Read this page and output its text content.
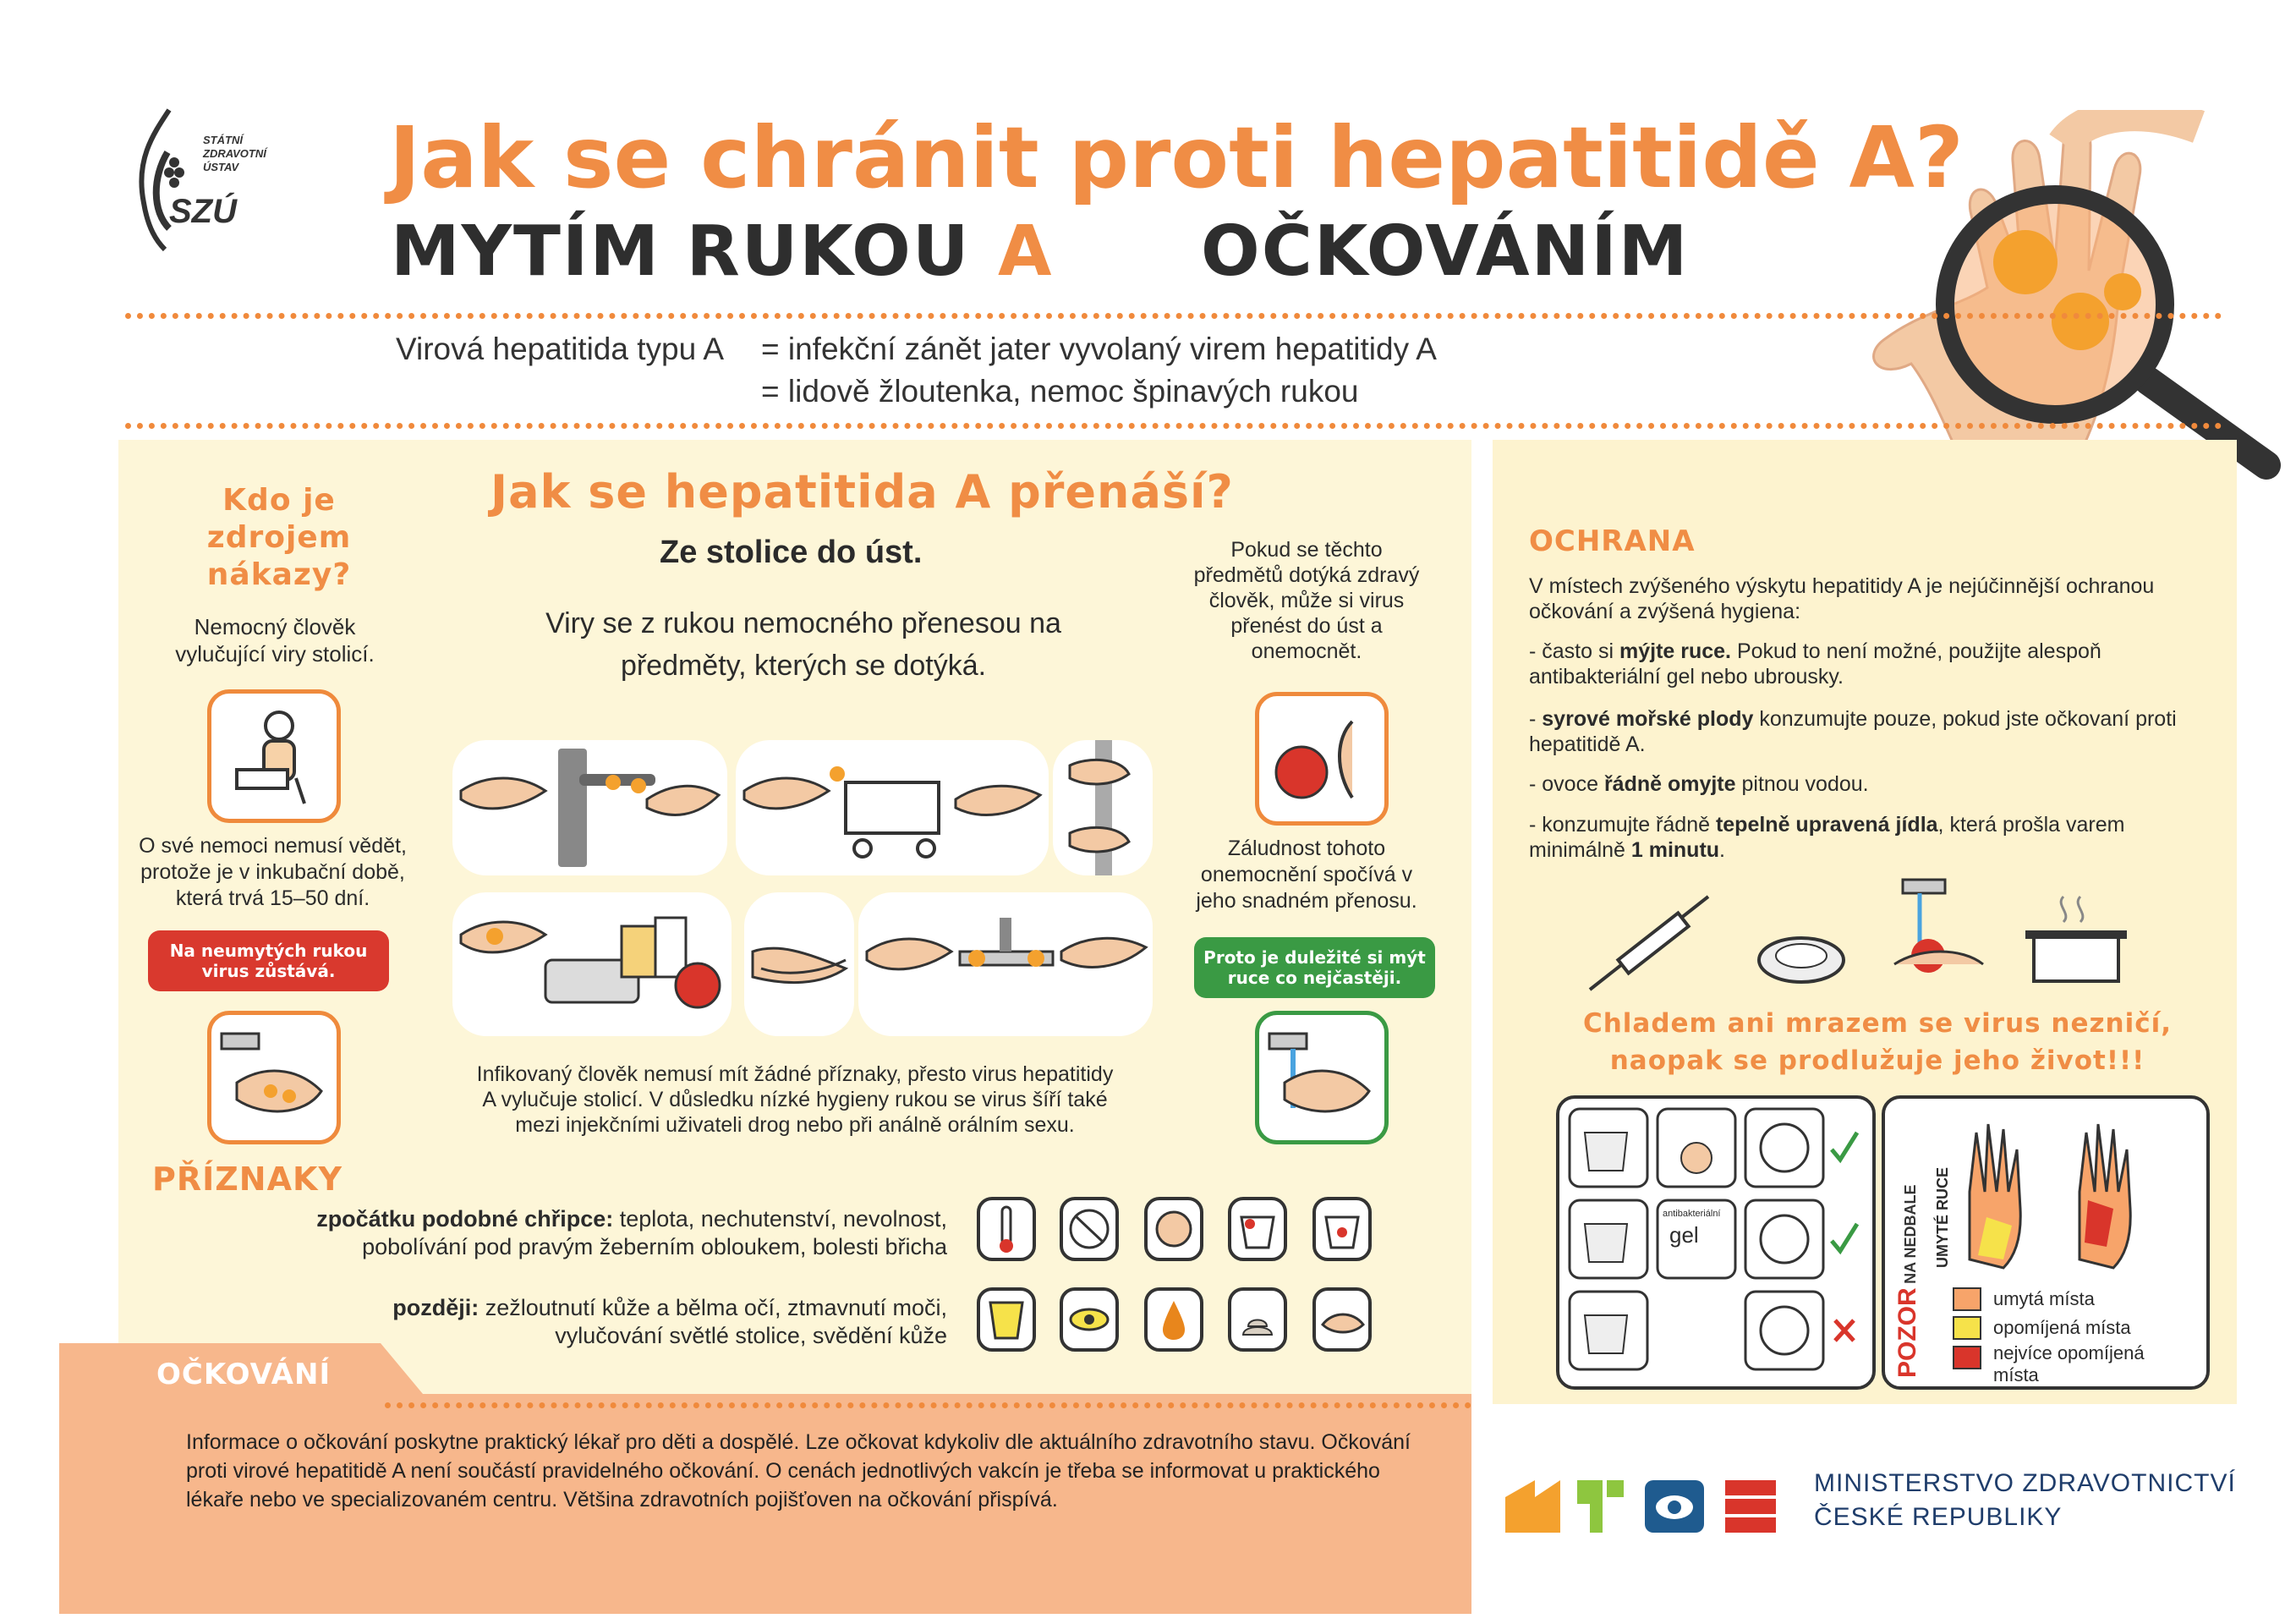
STÁTNÍ
ZDRAVOTNÍ
ÚSTAV
SZÚ
Jak se chránit proti hepatitidě A?
MYTÍM RUKOU A OČKOVÁNÍM
Virová hepatitida typu A = infekční zánět jater vyvolaný virem hepatitidy A
= lidově žloutenka, nemoc špinavých rukou
Kdo je zdrojem nákazy?
Nemocný člověk vylučující viry stolicí.
O své nemoci nemusí vědět, protože je v inkubační době, která trvá 15–50 dní.
Na neumytých rukou virus zůstává.
Jak se hepatitida A přenáší?
Ze stolice do úst.
Viry se z rukou nemocného přenesou na předměty, kterých se dotýká.
Infikovaný člověk nemusí mít žádné příznaky, přesto virus hepatitidy A vylučuje stolicí. V důsledku nízké hygieny rukou se virus šíří také mezi injekčními uživateli drog nebo při análně orálním sexu.
Pokud se těchto předmětů dotýká zdravý člověk, může si virus přenést do úst a onemocnět.
Záludnost tohoto onemocnění spočívá v jeho snadném přenosu.
Proto je duležité si mýt ruce co nejčastěji.
PŘÍZNAKY
zpočátku podobné chřipce: teplota, nechutenství, nevolnost, pobolívání pod pravým žeberním obloukem, bolesti břicha
později: zežloutnutí kůže a bělma očí, ztmavnutí moči, vylučování světlé stolice, svědění kůže
OČKOVÁNÍ
Informace o očkování poskytne praktický lékař pro děti a dospělé. Lze očkovat kdykoliv dle aktuálního zdravotního stavu. Očkování proti virové hepatitidě A není součástí pravidelného očkování. O cenách jednotlivých vakcín je třeba se informovat u praktického lékaře nebo ve specializovaném centru. Většina zdravotních pojišťoven na očkování přispívá.
OCHRANA
V místech zvýšeného výskytu hepatitidy A je nejúčinnější ochranou očkování a zvýšená hygiena:
- často si mýjte ruce. Pokud to není možné, použijte alespoň antibakteriální gel nebo ubrousky.
- syrové mořské plody konzumujte pouze, pokud jste očkovaní proti hepatitidě A.
- ovoce řádně omyjte pitnou vodou.
- konzumujte řádně tepelně upravená jídla, která prošla varem minimálně 1 minutu.
Chladem ani mrazem se virus nezničí, naopak se prodlužuje jeho život!!!
antibakteriální
gel
POZOR NA NEDBALE UMYTÉ RUCE
umytá místa
opomíjená místa
nejvíce opomíjená místa
MINISTERSTVO ZDRAVOTNICTVÍ
ČESKÉ REPUBLIKY
